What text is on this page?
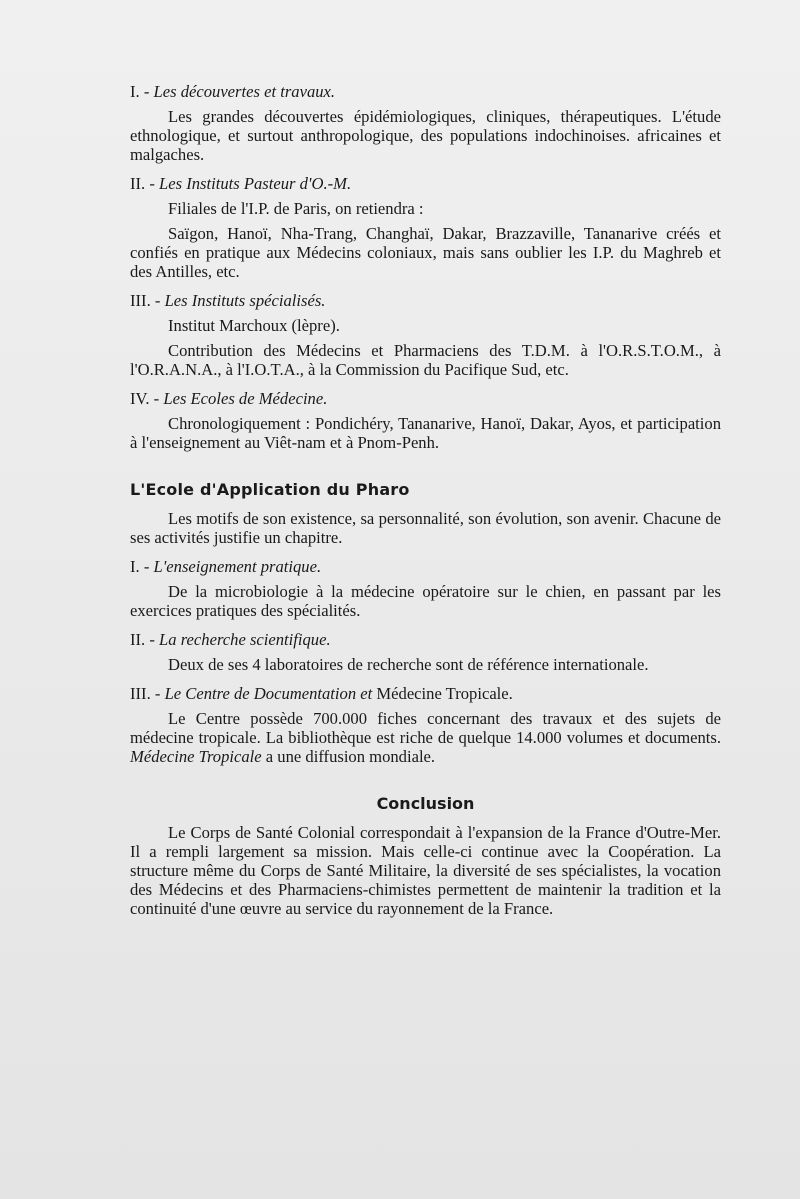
I. - Les découvertes et travaux.

Les grandes découvertes épidémiologiques, cliniques, thérapeutiques. L'étude ethnologique, et surtout anthropologique, des populations indochinoises. africaines et malgaches.

II. - Les Instituts Pasteur d'O.-M.

Filiales de l'I.P. de Paris, on retiendra :

Saïgon, Hanoï, Nha-Trang, Changhaï, Dakar, Brazzaville, Tananarive créés et confiés en pratique aux Médecins coloniaux, mais sans oublier les I.P. du Maghreb et des Antilles, etc.

III. - Les Instituts spécialisés.

Institut Marchoux (lèpre).

Contribution des Médecins et Pharmaciens des T.D.M. à l'O.R.S.T.O.M., à l'O.R.A.N.A., à l'I.O.T.A., à la Commission du Pacifique Sud, etc.

IV. - Les Ecoles de Médecine.

Chronologiquement : Pondichéry, Tananarive, Hanoï, Dakar, Ayos, et participation à l'enseignement au Viêt-nam et à Pnom-Penh.

L'Ecole d'Application du Pharo

Les motifs de son existence, sa personnalité, son évolution, son avenir. Chacune de ses activités justifie un chapitre.

I. - L'enseignement pratique.

De la microbiologie à la médecine opératoire sur le chien, en passant par les exercices pratiques des spécialités.

II. - La recherche scientifique.

Deux de ses 4 laboratoires de recherche sont de référence internationale.

III. - Le Centre de Documentation et Médecine Tropicale.

Le Centre possède 700.000 fiches concernant des travaux et des sujets de médecine tropicale. La bibliothèque est riche de quelque 14.000 volumes et documents. Médecine Tropicale a une diffusion mondiale.

Conclusion

Le Corps de Santé Colonial correspondait à l'expansion de la France d'Outre-Mer. Il a rempli largement sa mission. Mais celle-ci continue avec la Coopération. La structure même du Corps de Santé Militaire, la diversité de ses spécialistes, la vocation des Médecins et des Pharmaciens-chimistes permettent de maintenir la tradition et la continuité d'une œuvre au service du rayonnement de la France.
